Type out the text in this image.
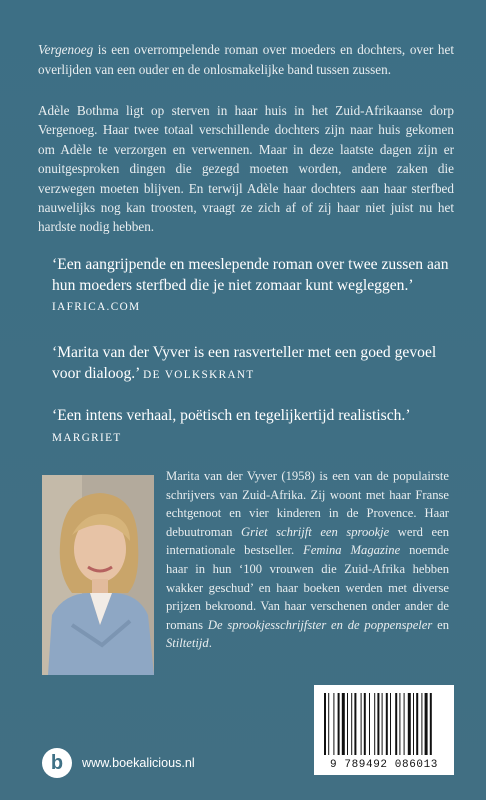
Vergenoeg is een overrompelende roman over moeders en dochters, over het overlijden van een ouder en de onlosmakelijke band tussen zussen.

Adèle Bothma ligt op sterven in haar huis in het Zuid-Afrikaanse dorp Vergenoeg. Haar twee totaal verschillende dochters zijn naar huis gekomen om Adèle te verzorgen en verwennen. Maar in deze laatste dagen zijn er onuitgesproken dingen die gezegd moeten worden, andere zaken die verzwegen moeten blijven. En terwijl Adèle haar dochters aan haar sterfbed nauwelijks nog kan troosten, vraagt ze zich af of zij haar niet juist nu het hardste nodig hebben.

‘Een aangrijpende en meeslepende roman over twee zussen aan hun moeders sterfbed die je niet zomaar kunt wegleggen.’ IAFRICA.COM

‘Marita van der Vyver is een rasverteller met een goed gevoel voor dialoog.’ DE VOLKSKRANT

‘Een intens verhaal, poëtisch en tegelijkertijd realistisch.’ MARGRIET

Marita van der Vyver (1958) is een van de populairste schrijvers van Zuid-Afrika. Zij woont met haar Franse echtgenoot en vier kinderen in de Provence. Haar debuutroman Griet schrijft een sprookje werd een internationale bestseller. Femina Magazine noemde haar in hun ‘100 vrouwen die Zuid-Afrika hebben wakker geschud’ en haar boeken werden met diverse prijzen bekroond. Van haar verschenen onder ander de romans De sprookjesschrijfster en de poppenspeler en Stiltetijd.

b	www.boekalicious.nl	9 789492 086013
